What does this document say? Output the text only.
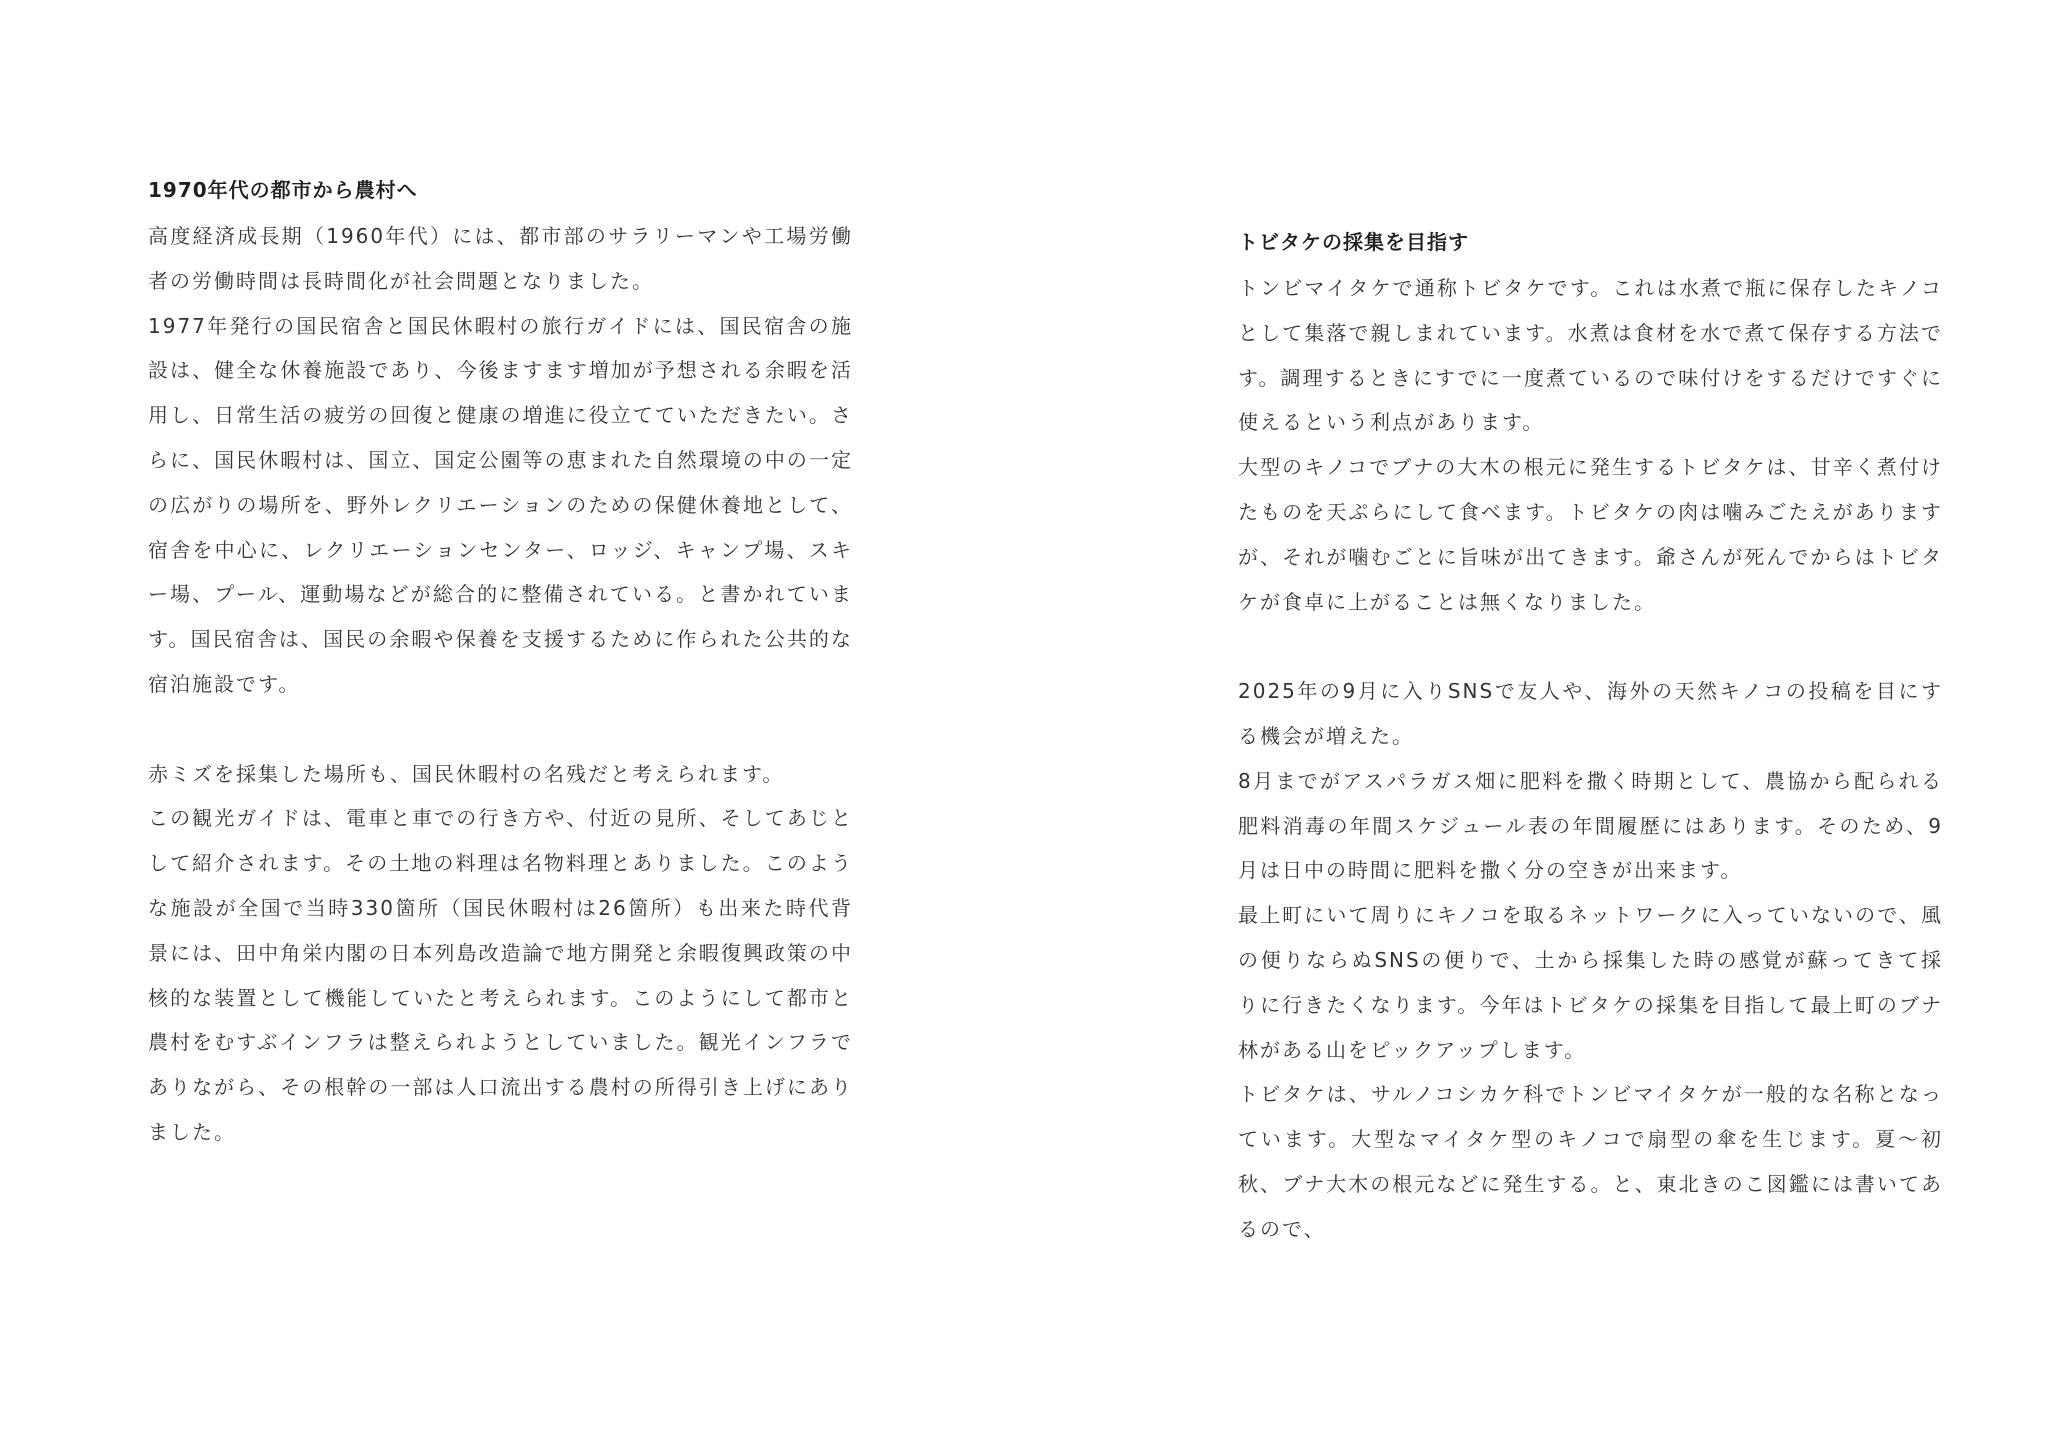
1970年代の都市から農村へ

高度経済成長期（1960年代）には、都市部のサラリーマンや工場労働者の労働時間は長時間化が社会問題となりました。

1977年発行の国民宿舎と国民休暇村の旅行ガイドには、国民宿舎の施設は、健全な休養施設であり、今後ますます増加が予想される余暇を活用し、日常生活の疲労の回復と健康の増進に役立てていただきたい。さらに、国民休暇村は、国立、国定公園等の恵まれた自然環境の中の一定の広がりの場所を、野外レクリエーションのための保健休養地として、宿舎を中心に、レクリエーションセンター、ロッジ、キャンプ場、スキー場、プール、運動場などが総合的に整備されている。と書かれています。国民宿舎は、国民の余暇や保養を支援するために作られた公共的な宿泊施設です。

赤ミズを採集した場所も、国民休暇村の名残だと考えられます。

この観光ガイドは、電車と車での行き方や、付近の見所、そしてあじとして紹介されます。その土地の料理は名物料理とありました。このような施設が全国で当時330箇所（国民休暇村は26箇所）も出来た時代背景には、田中角栄内閣の日本列島改造論で地方開発と余暇復興政策の中核的な装置として機能していたと考えられます。このようにして都市と農村をむすぶインフラは整えられようとしていました。観光インフラでありながら、その根幹の一部は人口流出する農村の所得引き上げにありました。

トビタケの採集を目指す

トンビマイタケで通称トビタケです。これは水煮で瓶に保存したキノコとして集落で親しまれています。水煮は食材を水で煮て保存する方法です。調理するときにすでに一度煮ているので味付けをするだけですぐに使えるという利点があります。

大型のキノコでブナの大木の根元に発生するトビタケは、甘辛く煮付けたものを天ぷらにして食べます。トビタケの肉は噛みごたえがありますが、それが噛むごとに旨味が出てきます。爺さんが死んでからはトビタケが食卓に上がることは無くなりました。

2025年の9月に入りSNSで友人や、海外の天然キノコの投稿を目にする機会が増えた。

8月までがアスパラガス畑に肥料を撒く時期として、農協から配られる肥料消毒の年間スケジュール表の年間履歴にはあります。そのため、9月は日中の時間に肥料を撒く分の空きが出来ます。

最上町にいて周りにキノコを取るネットワークに入っていないので、風の便りならぬSNSの便りで、土から採集した時の感覚が蘇ってきて採りに行きたくなります。今年はトビタケの採集を目指して最上町のブナ林がある山をピックアップします。

トビタケは、サルノコシカケ科でトンビマイタケが一般的な名称となっています。大型なマイタケ型のキノコで扇型の傘を生じます。夏〜初秋、ブナ大木の根元などに発生する。と、東北きのこ図鑑には書いてあるので、
